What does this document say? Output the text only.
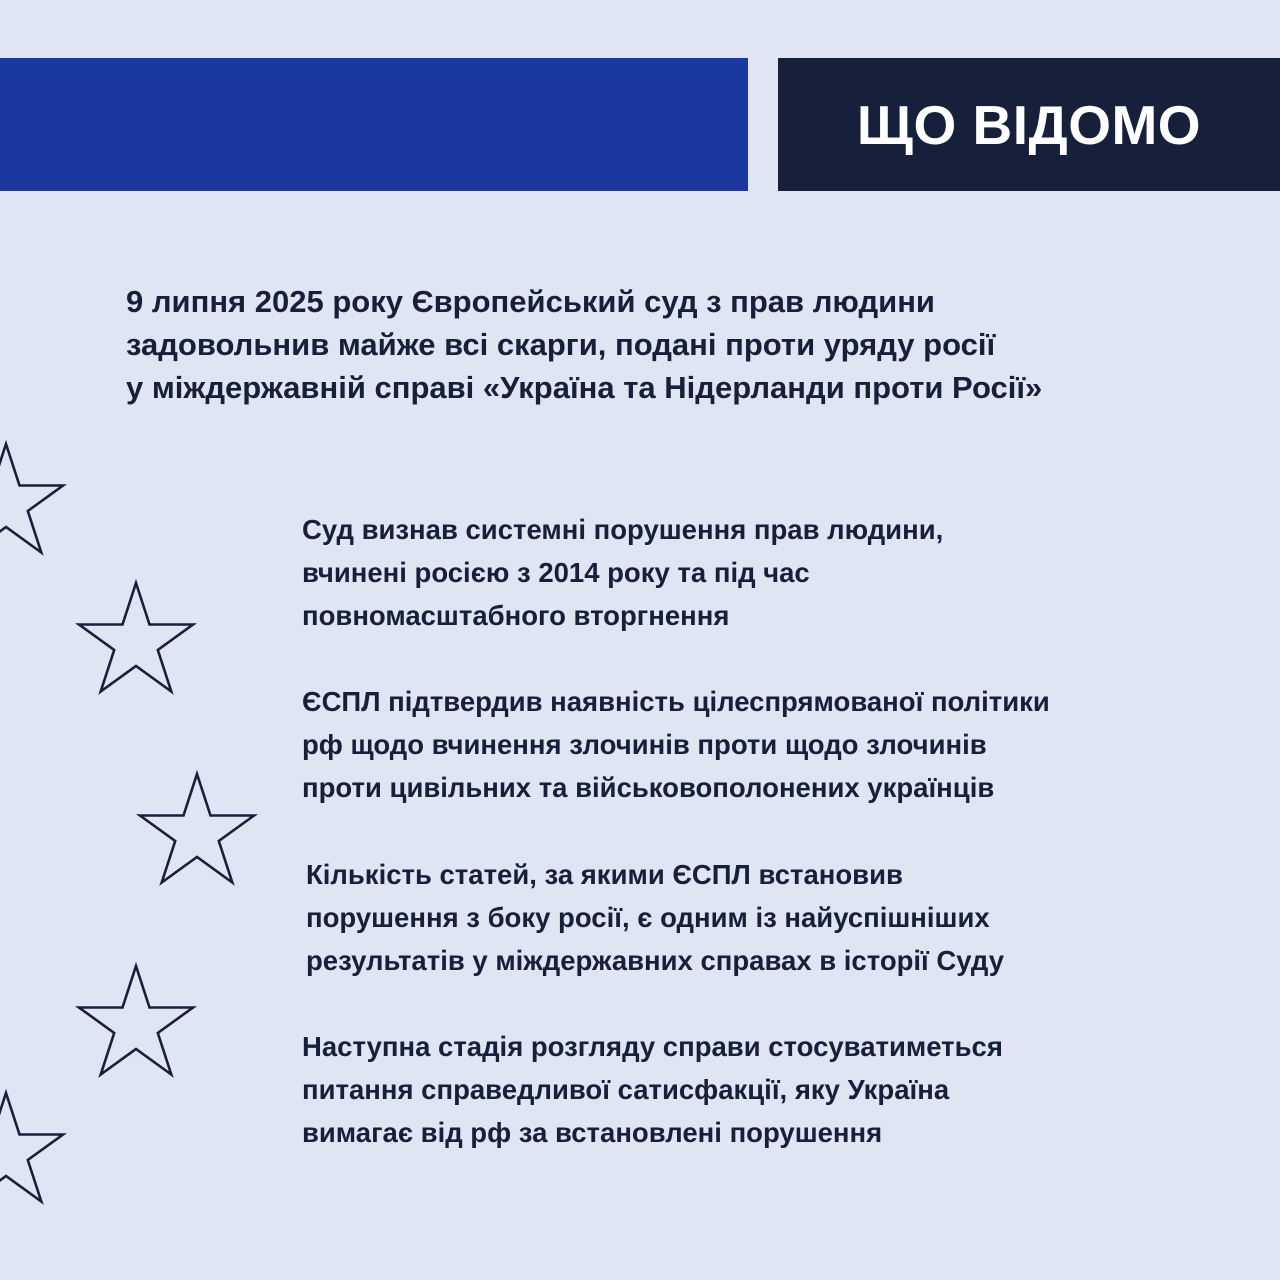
ЩО ВІДОМО
9 липня 2025 року Європейський суд з прав людини
задовольнив майже всі скарги, подані проти уряду росії
у міждержавній справі «Україна та Нідерланди проти Росії»
Суд визнав системні порушення прав людини,
вчинені росією з 2014 року та під час
повномасштабного вторгнення
ЄСПЛ підтвердив наявність цілеспрямованої політики
рф щодо вчинення злочинів проти щодо злочинів
проти цивільних та військовополонених українців
Кількість статей, за якими ЄСПЛ встановив
порушення з боку росії, є одним із найуспішніших
результатів у міждержавних справах в історії Суду
Наступна стадія розгляду справи стосуватиметься
питання справедливої сатисфакції, яку Україна
вимагає від рф за встановлені порушення
